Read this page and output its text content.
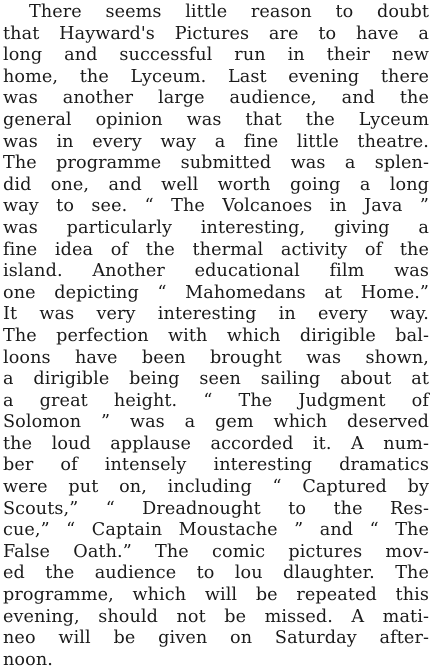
There seems little reason to doubt
that Hayward's Pictures are to have a
long and successful run in their new
home, the Lyceum. Last evening there
was another large audience, and the
general opinion was that the Lyceum
was in every way a fine little theatre.
The programme submitted was a splen-
did one, and well worth going a long
way to see. “ The Volcanoes in Java ”
was particularly interesting, giving a
fine idea of the thermal activity of the
island. Another educational film was
one depicting “ Mahomedans at Home.”
It was very interesting in every way.
The perfection with which dirigible bal-
loons have been brought was shown,
a dirigible being seen sailing about at
a great height. “ The Judgment of
Solomon ” was a gem which deserved
the loud applause accorded it. A num-
ber of intensely interesting dramatics
were put on, including “ Captured by
Scouts,” “ Dreadnought to the Res-
cue,” “ Captain Moustache ” and “ The
False Oath.” The comic pictures mov-
ed the audience to lou dlaughter. The
programme, which will be repeated this
evening, should not be missed. A mati-
neo will be given on Saturday after-
noon.
